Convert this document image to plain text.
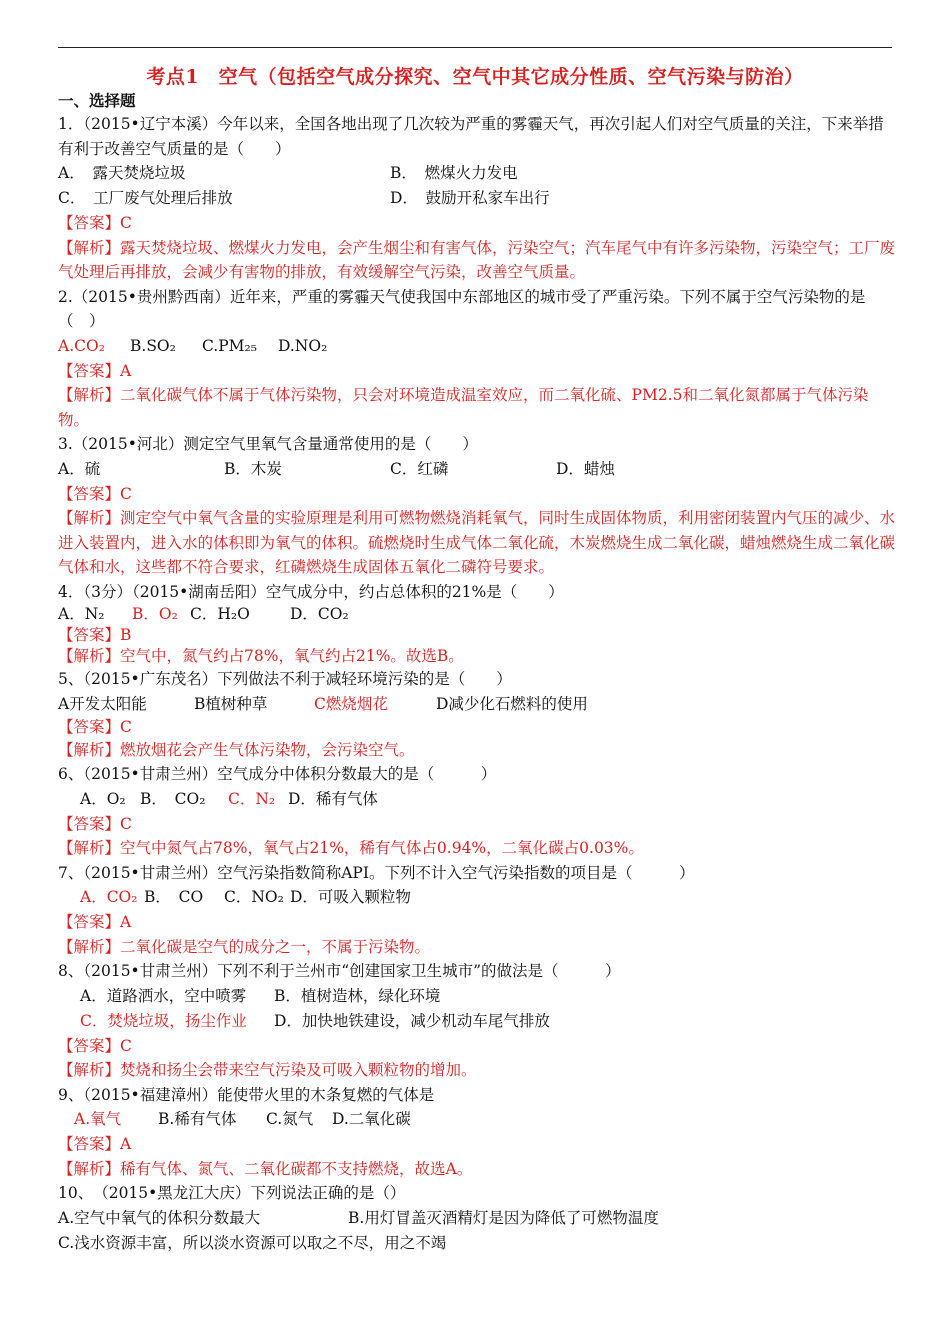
考点1　空气（包括空气成分探究、空气中其它成分性质、空气污染与防治）
一、选择题
1．（2015•辽宁本溪）今年以来，全国各地出现了几次较为严重的雾霾天气，再次引起人们对空气质量的关注，下来举措有利于改善空气质量的是（　　）
A．　露天焚烧垃圾	B．　燃煤火力发电
C．　工厂废气处理后排放	D．　鼓励开私家车出行
【答案】C
【解析】露天焚烧垃圾、燃煤火力发电，会产生烟尘和有害气体，污染空气；汽车尾气中有许多污染物，污染空气；工厂废气处理后再排放，会减少有害物的排放，有效缓解空气污染，改善空气质量。
2.（2015•贵州黔西南）近年来，严重的雾霾天气使我国中东部地区的城市受了严重污染。下列不属于空气污染物的是（　）
A.CO₂	B.SO₂	C.PM₂₅	D.NO₂
【答案】A
【解析】二氧化碳气体不属于气体污染物，只会对环境造成温室效应，而二氧化硫、PM2.5和二氧化氮都属于气体污染物。
3.（2015•河北）测定空气里氧气含量通常使用的是（　　）
A．硫	B．木炭	C．红磷	D．蜡烛
【答案】C
【解析】测定空气中氧气含量的实验原理是利用可燃物燃烧消耗氧气，同时生成固体物质，利用密闭装置内气压的减少、水进入装置内，进入水的体积即为氧气的体积。硫燃烧时生成气体二氧化硫，木炭燃烧生成二氧化碳，蜡烛燃烧生成二氧化碳气体和水，这些都不符合要求，红磷燃烧生成固体五氧化二磷符号要求。
4．（3分）（2015•湖南岳阳）空气成分中，约占总体积的21%是（　　）
A．N₂	B．O₂ C．H₂O	D．CO₂
【答案】B
【解析】空气中，氮气约占78%，氧气约占21%。故选B。
5、（2015•广东茂名）下列做法不利于减轻环境污染的是（　　）
A开发太阳能	B植树种草	C燃烧烟花	D减少化石燃料的使用
【答案】C
【解析】燃放烟花会产生气体污染物，会污染空气。
6、（2015•甘肃兰州）空气成分中体积分数最大的是（　　　）
A．O₂ B．　CO₂	C．N₂ D．稀有气体
【答案】C
【解析】空气中氮气占78%，氧气占21%，稀有气体占0.94%，二氧化碳占0.03%。
7、（2015•甘肃兰州）空气污染指数简称API。下列不计入空气污染指数的项目是（　　　）
A．CO₂ B．　CO	C．NO₂ D．可吸入颗粒物
【答案】A
【解析】二氧化碳是空气的成分之一，不属于污染物。
8、（2015•甘肃兰州）下列不利于兰州市“创建国家卫生城市”的做法是（　　　）
A．道路洒水，空中喷雾	B．植树造林，绿化环境
C．焚烧垃圾，扬尘作业	D．加快地铁建设，减少机动车尾气排放
【答案】C
【解析】焚烧和扬尘会带来空气污染及可吸入颗粒物的增加。
9、（2015•福建漳州）能使带火里的木条复燃的气体是
A.氧气	B.稀有气体	C.氮气	D.二氧化碳
【答案】A
【解析】稀有气体、氮气、二氧化碳都不支持燃烧，故选A。
10、　（2015•黑龙江大庆）下列说法正确的是（）
A.空气中氧气的体积分数最大	B.用灯冒盖灭酒精灯是因为降低了可燃物温度
C.浅水资源丰富，所以淡水资源可以取之不尽，用之不竭
